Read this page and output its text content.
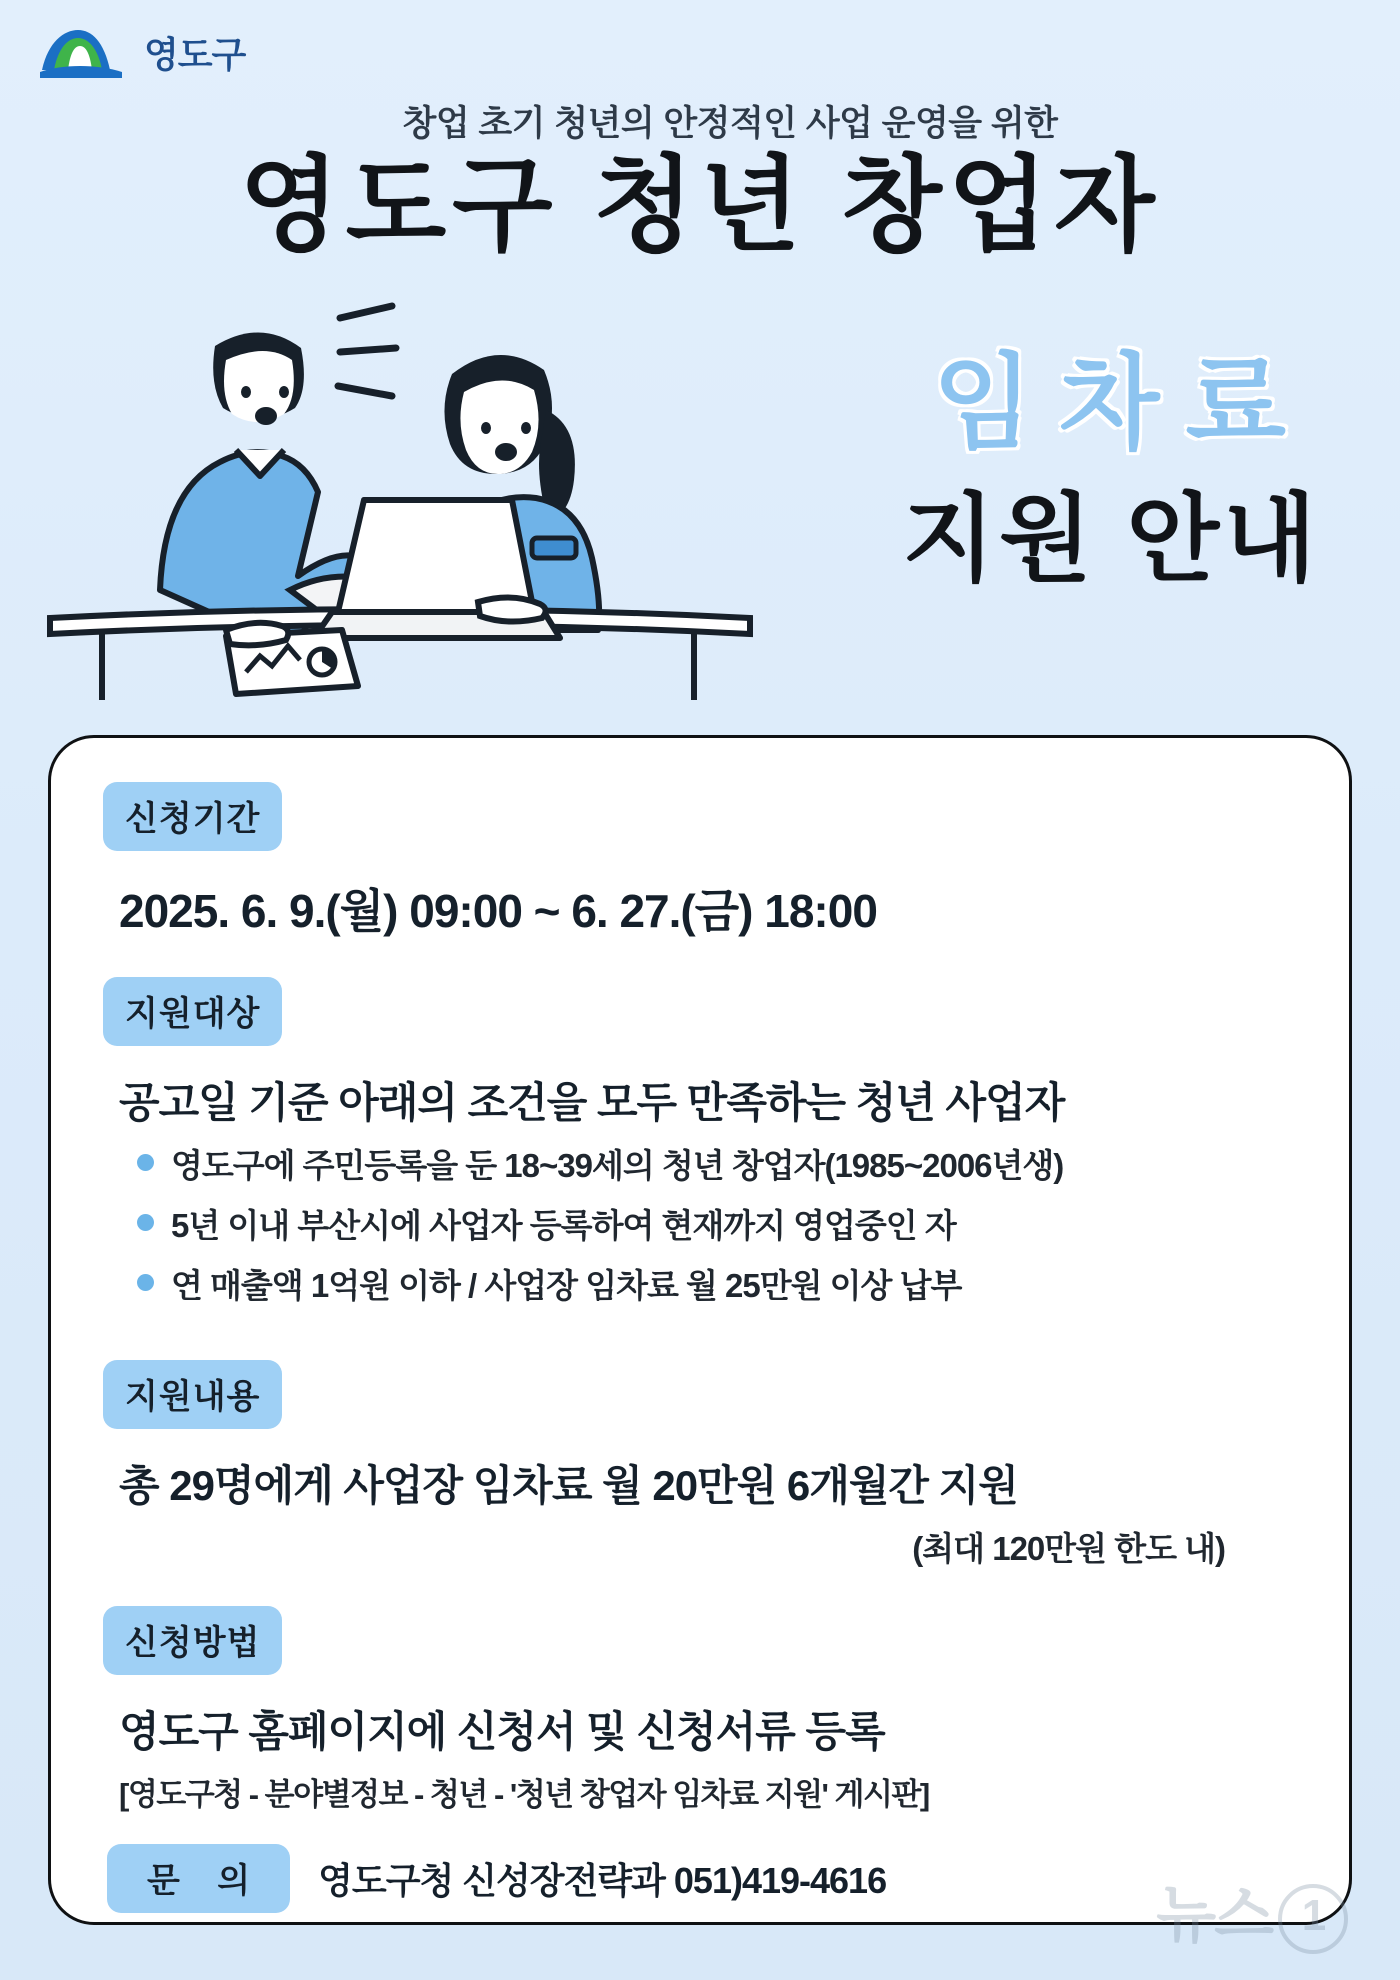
영도구
창업 초기 청년의 안정적인 사업 운영을 위한
영도구 청년 창업자
임차료
지원 안내
신청기간
2025. 6. 9.(월) 09:00 ~ 6. 27.(금) 18:00
지원대상
공고일 기준 아래의 조건을 모두 만족하는 청년 사업자
영도구에 주민등록을 둔 18~39세의 청년 창업자(1985~2006년생)
5년 이내 부산시에 사업자 등록하여 현재까지 영업중인 자
연 매출액 1억원 이하 / 사업장 임차료 월 25만원 이상 납부
지원내용
총 29명에게 사업장 임차료 월 20만원 6개월간 지원
(최대 120만원 한도 내)
신청방법
영도구 홈페이지에 신청서 및 신청서류 등록
[영도구청 - 분야별정보 - 청년 - '청년 창업자 임차료 지원' 게시판]
문 의	영도구청 신성장전략과 051)419-4616
뉴스 1
